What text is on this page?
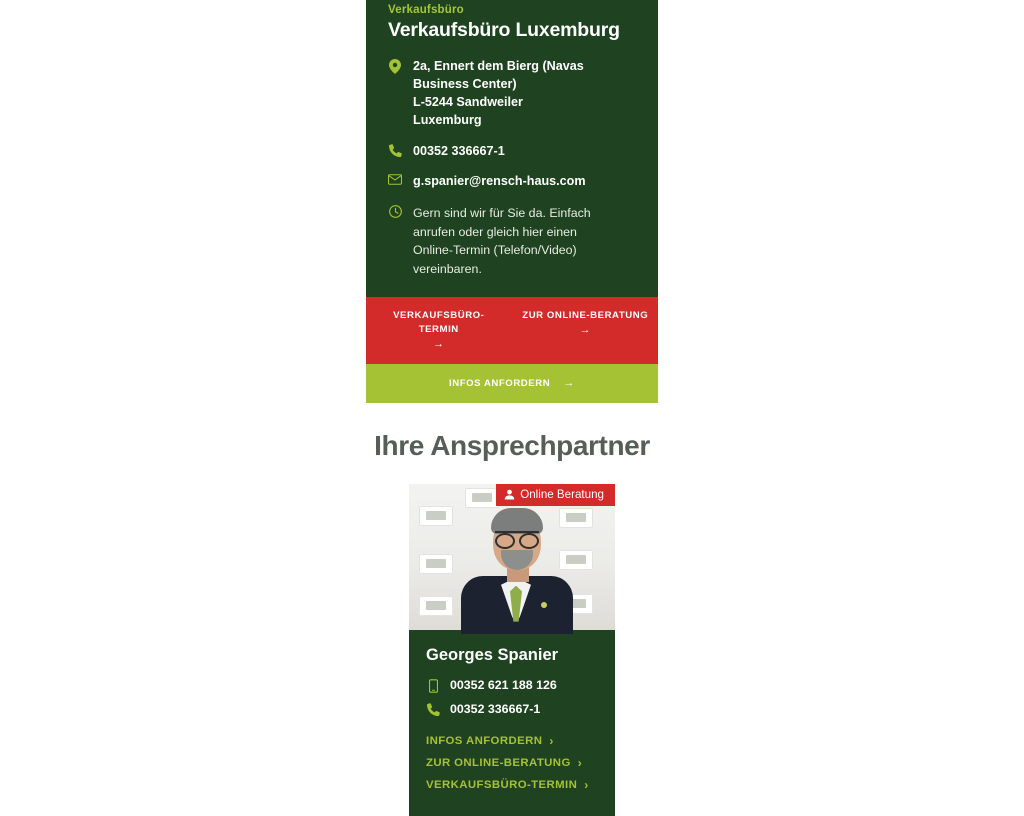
Verkaufsbüro
Verkaufsbüro Luxemburg
2a, Ennert dem Bierg (Navas
Business Center)
L-5244 Sandweiler
Luxemburg
00352 336667-1
g.spanier@rensch-haus.com
Gern sind wir für Sie da. Einfach
anrufen oder gleich hier einen
Online-Termin (Telefon/Video)
vereinbaren.
VERKAUFSBÜRO-TERMIN
→
ZUR ONLINE-BERATUNG
→
INFOS ANFORDERN →
Ihre Ansprechpartner
Online Beratung
Georges Spanier
00352 621 188 126
00352 336667-1
INFOS ANFORDERN ›
ZUR ONLINE-BERATUNG ›
VERKAUFSBÜRO-TERMIN ›
